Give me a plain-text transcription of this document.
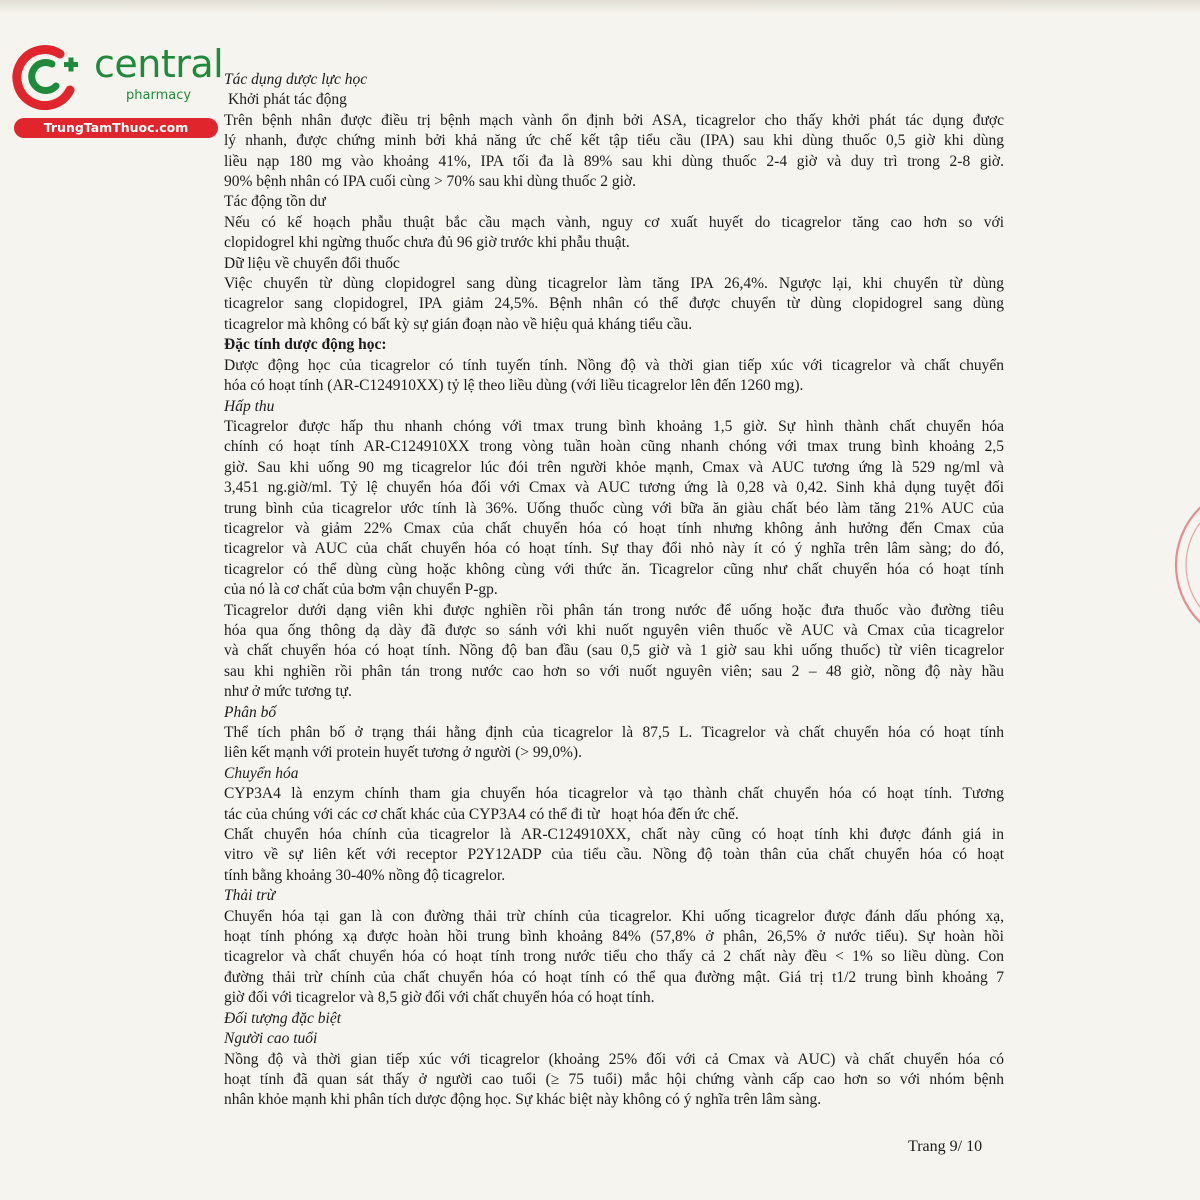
central
pharmacy
TrungTamThuoc.com

Tác dụng dược lực học

Khởi phát tác động

Trên bệnh nhân được điều trị bệnh mạch vành ổn định bởi ASA, ticagrelor cho thấy khởi phát tác dụng được
lý nhanh, được chứng minh bởi khả năng ức chế kết tập tiểu cầu (IPA) sau khi dùng thuốc 0,5 giờ khi dùng
liều nạp 180 mg vào khoảng 41%, IPA tối đa là 89% sau khi dùng thuốc 2-4 giờ và duy trì trong 2-8 giờ.
90% bệnh nhân có IPA cuối cùng > 70% sau khi dùng thuốc 2 giờ.

Tác động tồn dư

Nếu có kế hoạch phẫu thuật bắc cầu mạch vành, nguy cơ xuất huyết do ticagrelor tăng cao hơn so với
clopidogrel khi ngừng thuốc chưa đủ 96 giờ trước khi phẫu thuật.

Dữ liệu về chuyển đổi thuốc

Việc chuyển từ dùng clopidogrel sang dùng ticagrelor làm tăng IPA 26,4%. Ngược lại, khi chuyển từ dùng
ticagrelor sang clopidogrel, IPA giảm 24,5%. Bệnh nhân có thể được chuyển từ dùng clopidogrel sang dùng
ticagrelor mà không có bất kỳ sự gián đoạn nào về hiệu quả kháng tiểu cầu.

Đặc tính dược động học:

Dược động học của ticagrelor có tính tuyến tính. Nồng độ và thời gian tiếp xúc với ticagrelor và chất chuyển
hóa có hoạt tính (AR-C124910XX) tỷ lệ theo liều dùng (với liều ticagrelor lên đến 1260 mg).

Hấp thu

Ticagrelor được hấp thu nhanh chóng với tmax trung bình khoảng 1,5 giờ. Sự hình thành chất chuyển hóa
chính có hoạt tính AR-C124910XX trong vòng tuần hoàn cũng nhanh chóng với tmax trung bình khoảng 2,5
giờ. Sau khi uống 90 mg ticagrelor lúc đói trên người khỏe mạnh, Cmax và AUC tương ứng là 529 ng/ml và
3,451 ng.giờ/ml. Tỷ lệ chuyển hóa đối với Cmax và AUC tương ứng là 0,28 và 0,42. Sinh khả dụng tuyệt đối
trung bình của ticagrelor ước tính là 36%. Uống thuốc cùng với bữa ăn giàu chất béo làm tăng 21% AUC của
ticagrelor và giảm 22% Cmax của chất chuyển hóa có hoạt tính nhưng không ảnh hưởng đến Cmax của
ticagrelor và AUC của chất chuyển hóa có hoạt tính. Sự thay đổi nhỏ này ít có ý nghĩa trên lâm sàng; do đó,
ticagrelor có thể dùng cùng hoặc không cùng với thức ăn. Ticagrelor cũng như chất chuyển hóa có hoạt tính
của nó là cơ chất của bơm vận chuyển P-gp.
Ticagrelor dưới dạng viên khi được nghiền rồi phân tán trong nước để uống hoặc đưa thuốc vào đường tiêu
hóa qua ống thông dạ dày đã được so sánh với khi nuốt nguyên viên thuốc về AUC và Cmax của ticagrelor
và chất chuyển hóa có hoạt tính. Nồng độ ban đầu (sau 0,5 giờ và 1 giờ sau khi uống thuốc) từ viên ticagrelor
sau khi nghiền rồi phân tán trong nước cao hơn so với nuốt nguyên viên; sau 2 – 48 giờ, nồng độ này hầu
như ở mức tương tự.

Phân bố

Thể tích phân bố ở trạng thái hằng định của ticagrelor là 87,5 L. Ticagrelor và chất chuyển hóa có hoạt tính
liên kết mạnh với protein huyết tương ở người (> 99,0%).

Chuyển hóa

CYP3A4 là enzym chính tham gia chuyển hóa ticagrelor và tạo thành chất chuyển hóa có hoạt tính. Tương
tác của chúng với các cơ chất khác của CYP3A4 có thể đi từ   hoạt hóa đến ức chế.
Chất chuyển hóa chính của ticagrelor là AR-C124910XX, chất này cũng có hoạt tính khi được đánh giá in
vitro về sự liên kết với receptor P2Y12ADP của tiểu cầu. Nồng độ toàn thân của chất chuyển hóa có hoạt
tính bằng khoảng 30-40% nồng độ ticagrelor.

Thải trừ

Chuyển hóa tại gan là con đường thải trừ chính của ticagrelor. Khi uống ticagrelor được đánh dấu phóng xạ,
hoạt tính phóng xạ được hoàn hồi trung bình khoảng 84% (57,8% ở phân, 26,5% ở nước tiểu). Sự hoàn hồi
ticagrelor và chất chuyển hóa có hoạt tính trong nước tiểu cho thấy cả 2 chất này đều < 1% so liều dùng. Con
đường thải trừ chính của chất chuyển hóa có hoạt tính có thể qua đường mật. Giá trị t1/2 trung bình khoảng 7
giờ đối với ticagrelor và 8,5 giờ đối với chất chuyển hóa có hoạt tính.

Đối tượng đặc biệt

Người cao tuổi

Nồng độ và thời gian tiếp xúc với ticagrelor (khoảng 25% đối với cả Cmax và AUC) và chất chuyển hóa có
hoạt tính đã quan sát thấy ở người cao tuổi (≥ 75 tuổi) mắc hội chứng vành cấp cao hơn so với nhóm bệnh
nhân khỏe mạnh khi phân tích dược động học. Sự khác biệt này không có ý nghĩa trên lâm sàng.
Trang 9/ 10
